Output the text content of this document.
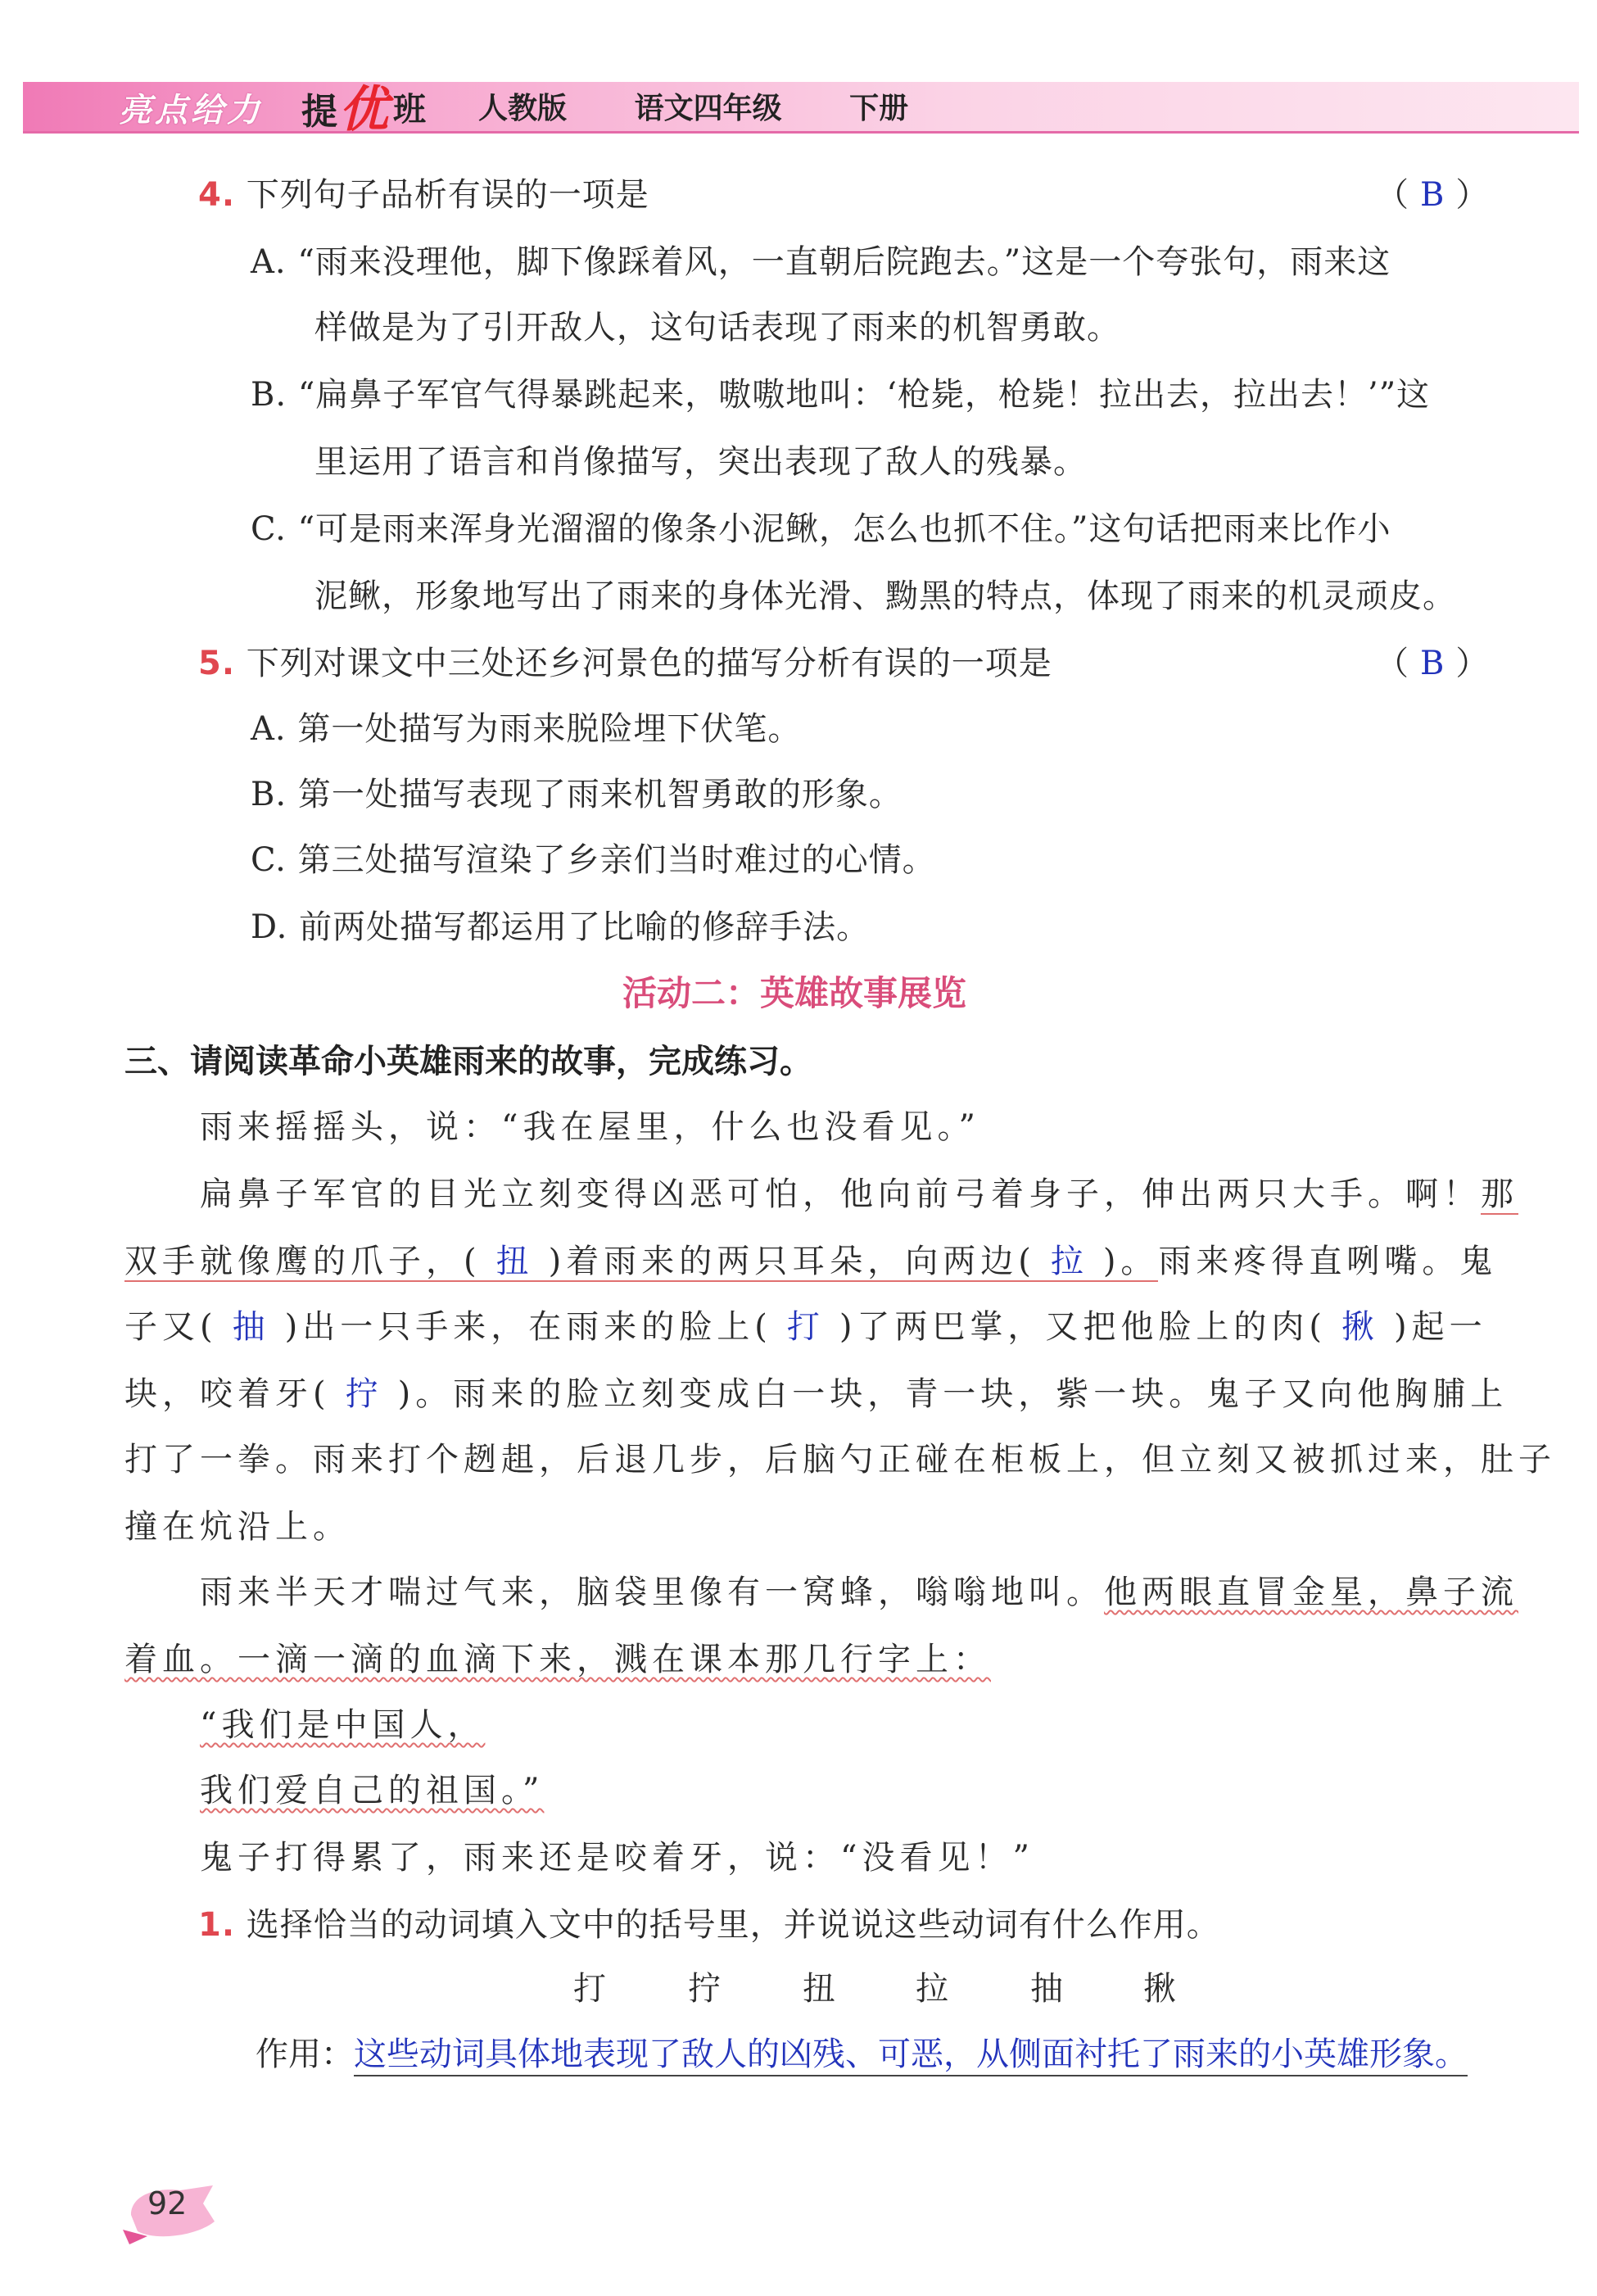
亮点给力 提 优 班 人教版 语文四年级 下册
4. 下列句子品析有误的一项是	（ B ）
A. “雨来没理他，脚下像踩着风，一直朝后院跑去。”这是一个夸张句，雨来这
样做是为了引开敌人，这句话表现了雨来的机智勇敢。
B. “扁鼻子军官气得暴跳起来，嗷嗷地叫：‘枪毙，枪毙！拉出去，拉出去！’”这
里运用了语言和肖像描写，突出表现了敌人的残暴。
C. “可是雨来浑身光溜溜的像条小泥鳅，怎么也抓不住。”这句话把雨来比作小
泥鳅，形象地写出了雨来的身体光滑、黝黑的特点，体现了雨来的机灵顽皮。
5. 下列对课文中三处还乡河景色的描写分析有误的一项是	（ B ）
A. 第一处描写为雨来脱险埋下伏笔。
B. 第一处描写表现了雨来机智勇敢的形象。
C. 第三处描写渲染了乡亲们当时难过的心情。
D. 前两处描写都运用了比喻的修辞手法。
活动二：英雄故事展览
三、请阅读革命小英雄雨来的故事，完成练习。
雨来摇摇头，说：“我在屋里，什么也没看见。”
扁鼻子军官的目光立刻变得凶恶可怕，他向前弓着身子，伸出两只大手。啊！那
双手就像鹰的爪子，( 扭 )着雨来的两只耳朵，向两边( 拉 )。雨来疼得直咧嘴。鬼
子又( 抽 )出一只手来，在雨来的脸上( 打 )了两巴掌，又把他脸上的肉( 揪 )起一
块，咬着牙( 拧 )。雨来的脸立刻变成白一块，青一块，紫一块。鬼子又向他胸脯上
打了一拳。雨来打个趔趄，后退几步，后脑勺正碰在柜板上，但立刻又被抓过来，肚子
撞在炕沿上。
雨来半天才喘过气来，脑袋里像有一窝蜂，嗡嗡地叫。他两眼直冒金星，鼻子流
着血。一滴一滴的血滴下来，溅在课本那几行字上：
“我们是中国人，
我们爱自己的祖国。”
鬼子打得累了，雨来还是咬着牙，说：“没看见！”
1. 选择恰当的动词填入文中的括号里，并说说这些动词有什么作用。
打	拧	扭 拉	抽 揪
作用：这些动词具体地表现了敌人的凶残、可恶，从侧面衬托了雨来的小英雄形象。
92
